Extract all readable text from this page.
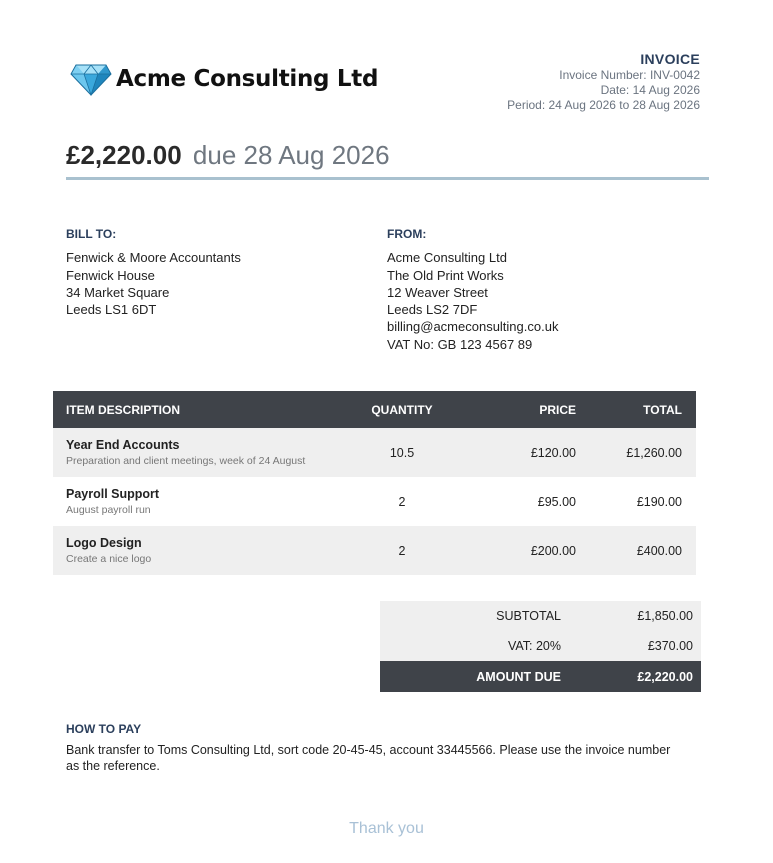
Acme Consulting Ltd
INVOICE
Invoice Number: INV-0042
Date: 14 Aug 2026
Period: 24 Aug 2026 to 28 Aug 2026
£2,220.00 due 28 Aug 2026
BILL TO:
Fenwick & Moore Accountants
Fenwick House
34 Market Square
Leeds LS1 6DT
FROM:
Acme Consulting Ltd
The Old Print Works
12 Weaver Street
Leeds LS2 7DF
billing@acmeconsulting.co.uk
VAT No: GB 123 4567 89
ITEM DESCRIPTION	QUANTITY	PRICE	TOTAL

Year End Accounts
Preparation and client meetings, week of 24 August	10.5	£120.00	£1,260.00

Payroll Support
August payroll run	2	£95.00	£190.00

Logo Design
Create a nice logo	2	£200.00	£400.00
SUBTOTAL	£1,850.00
VAT: 20%	£370.00
AMOUNT DUE	£2,220.00
HOW TO PAY
Bank transfer to Toms Consulting Ltd, sort code 20-45-45, account 33445566. Please use the invoice number as the reference.
Thank you
